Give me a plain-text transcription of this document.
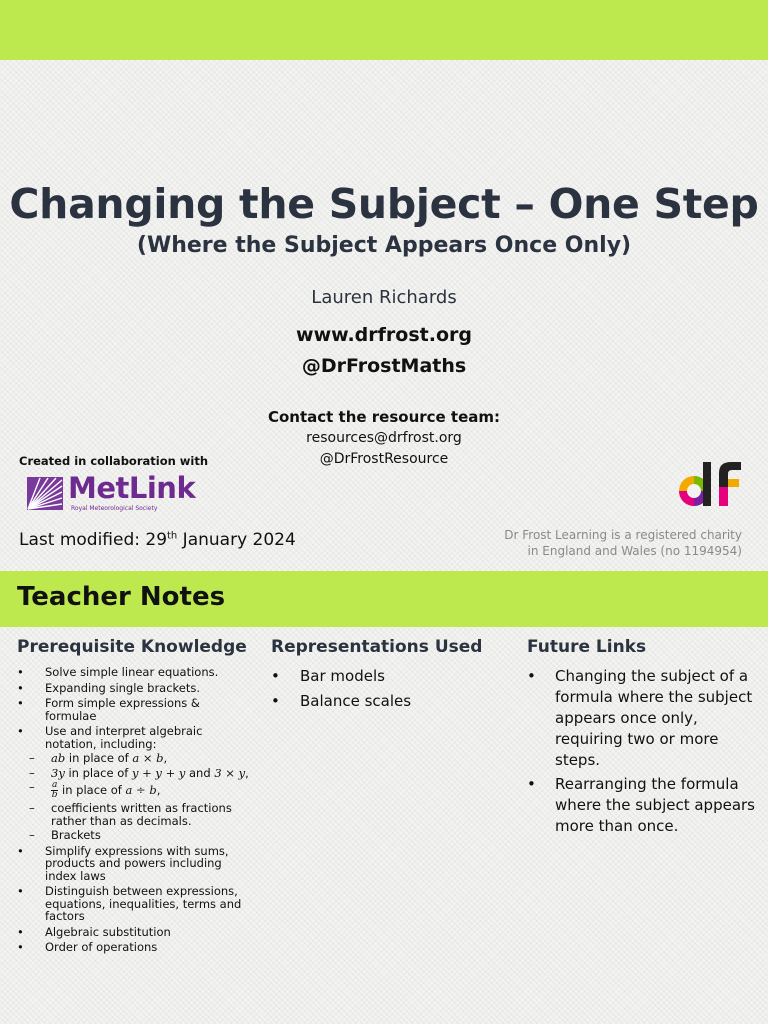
Changing the Subject – One Step
(Where the Subject Appears Once Only)
Lauren Richards
www.drfrost.org
@DrFrostMaths
Contact the resource team:
resources@drfrost.org
@DrFrostResource
Created in collaboration with
MetLink
Royal Meteorological Society
Last modified: 29th January 2024	Dr Frost Learning is a registered charity
in England and Wales (no 1194954)
Teacher Notes
Prerequisite Knowledge
• Solve simple linear equations.
• Expanding single brackets.
• Form simple expressions & formulae
• Use and interpret algebraic notation, including:
– ab in place of a × b,
– 3y in place of y + y + y and 3 × y,
– $\frac{a}{b}$ in place of a ÷ b,
– coefficients written as fractions rather than as decimals.
– Brackets
• Simplify expressions with sums, products and powers including index laws
• Distinguish between expressions, equations, inequalities, terms and factors
• Algebraic substitution
• Order of operations
Representations Used
• Bar models
• Balance scales
Future Links
• Changing the subject of a formula where the subject appears once only, requiring two or more steps.
• Rearranging the formula where the subject appears more than once.
